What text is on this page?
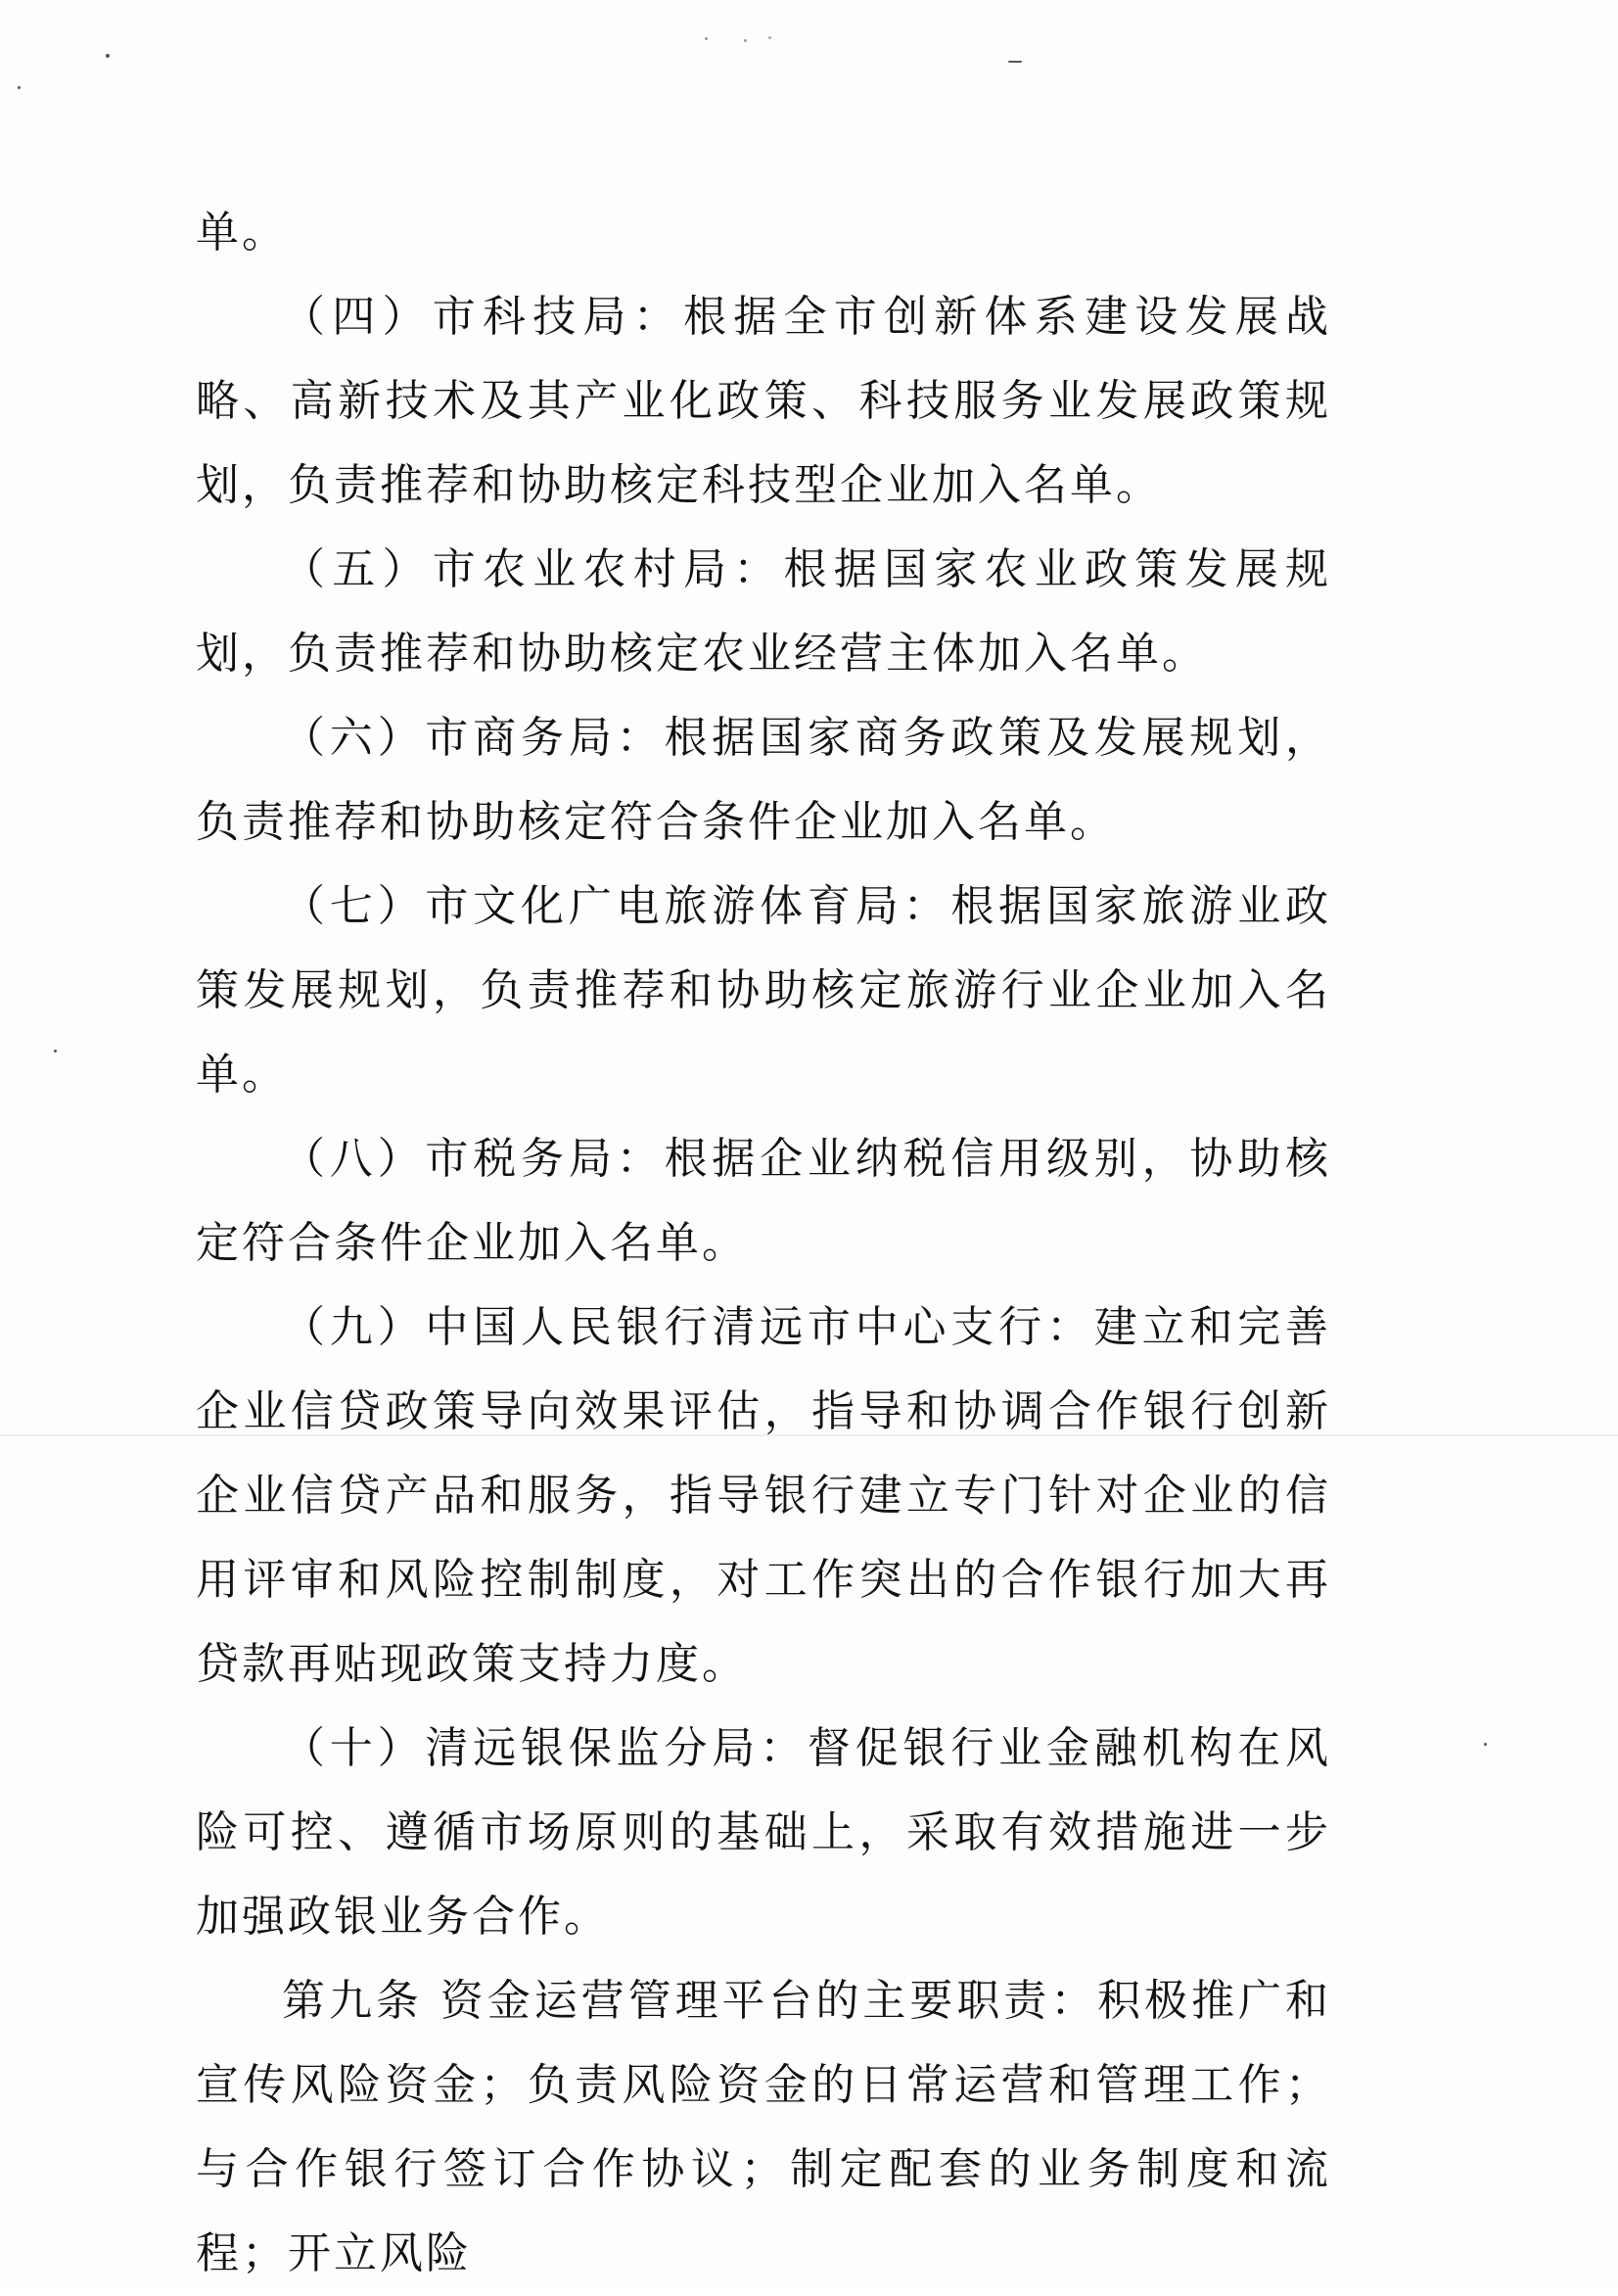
单。

（四）市科技局：根据全市创新体系建设发展战略、高新技术及其产业化政策、科技服务业发展政策规划，负责推荐和协助核定科技型企业加入名单。

（五）市农业农村局：根据国家农业政策发展规划，负责推荐和协助核定农业经营主体加入名单。

（六）市商务局：根据国家商务政策及发展规划，负责推荐和协助核定符合条件企业加入名单。

（七）市文化广电旅游体育局：根据国家旅游业政策发展规划，负责推荐和协助核定旅游行业企业加入名单。

（八）市税务局：根据企业纳税信用级别，协助核定符合条件企业加入名单。

（九）中国人民银行清远市中心支行：建立和完善企业信贷政策导向效果评估，指导和协调合作银行创新企业信贷产品和服务，指导银行建立专门针对企业的信用评审和风险控制制度，对工作突出的合作银行加大再贷款再贴现政策支持力度。

（十）清远银保监分局：督促银行业金融机构在风险可控、遵循市场原则的基础上，采取有效措施进一步加强政银业务合作。

第九条 资金运营管理平台的主要职责：积极推广和宣传风险资金；负责风险资金的日常运营和管理工作；与合作银行签订合作协议；制定配套的业务制度和流程；开立风险
